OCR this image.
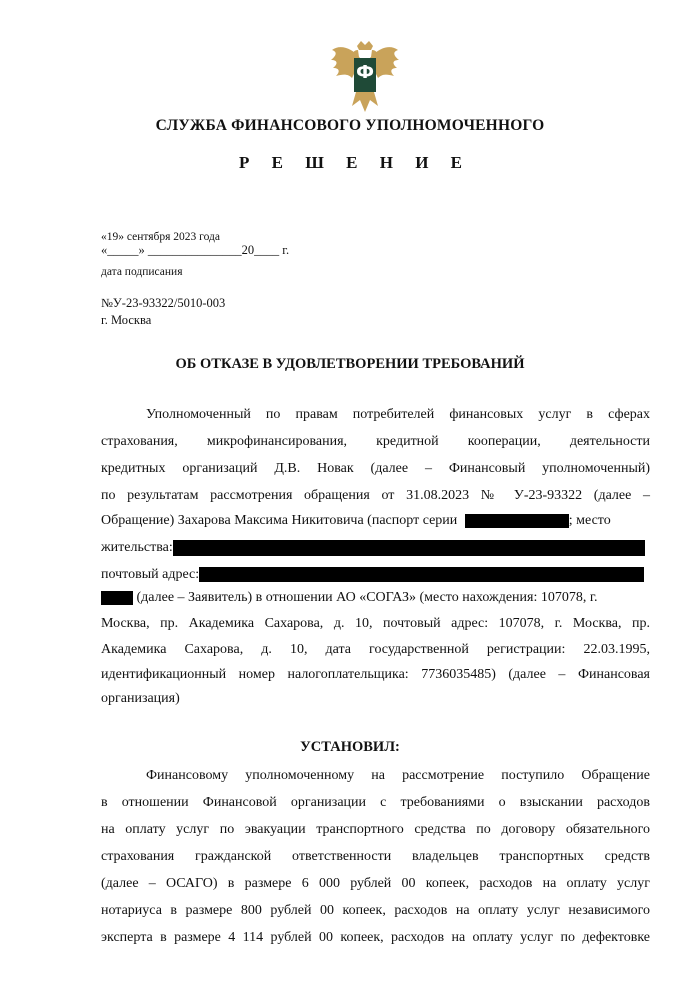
Ф
СЛУЖБА ФИНАНСОВОГО УПОЛНОМОЧЕННОГО
Р Е Ш Е Н И Е
«19» сентября 2023 года
«_____» _______________20____ г.
дата подписания
№У-23-93322/5010-003
г. Москва
ОБ ОТКАЗЕ В УДОВЛЕТВОРЕНИИ ТРЕБОВАНИЙ
Уполномоченный по правам потребителей финансовых услуг в сферах
страхования, микрофинансирования, кредитной кооперации, деятельности
кредитных организаций Д.В. Новак (далее – Финансовый уполномоченный)
по результатам рассмотрения обращения от 31.08.2023 № У-23-93322 (далее –
Обращение) Захарова Максима Никитовича (паспорт серии	; место
жительства:
почтовый адрес:
(далее – Заявитель) в отношении АО «СОГАЗ» (место нахождения: 107078, г.
Москва, пр. Академика Сахарова, д. 10, почтовый адрес: 107078, г. Москва, пр.
Академика Сахарова, д. 10, дата государственной регистрации: 22.03.1995,
идентификационный номер налогоплательщика: 7736035485) (далее – Финансовая
организация)
УСТАНОВИЛ:
Финансовому уполномоченному на рассмотрение поступило Обращение
в отношении Финансовой организации с требованиями о взыскании расходов
на оплату услуг по эвакуации транспортного средства по договору обязательного
страхования гражданской ответственности владельцев транспортных средств
(далее – ОСАГО) в размере 6 000 рублей 00 копеек, расходов на оплату услуг
нотариуса в размере 800 рублей 00 копеек, расходов на оплату услуг независимого
эксперта в размере 4 114 рублей 00 копеек, расходов на оплату услуг по дефектовке
